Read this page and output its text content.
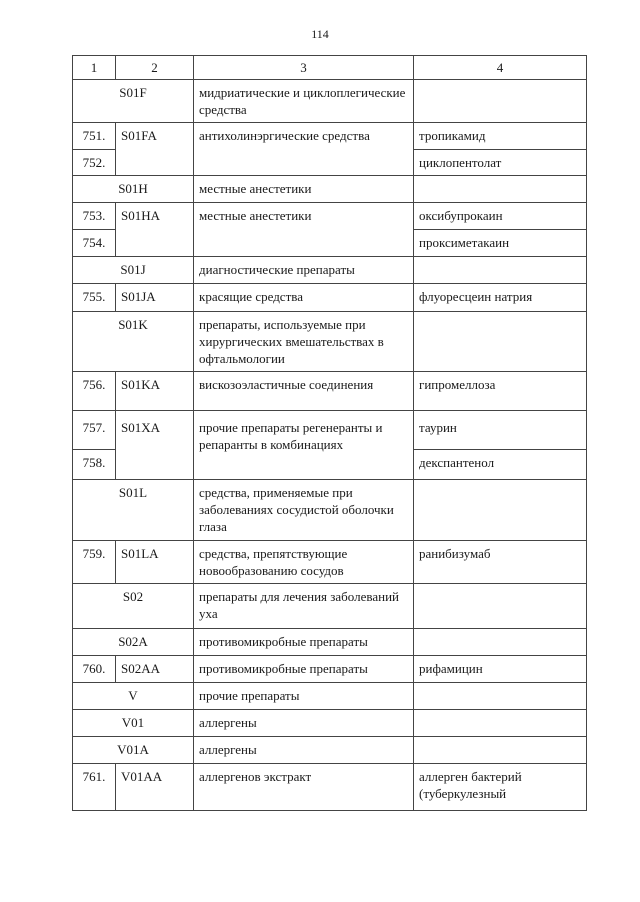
114
1	2	3	4
S01F		мидриатические и циклоплегические средства	
751.	S01FA	антихолинэргические средства	тропикамид
752.			циклопентолат
S01H		местные анестетики	
753.	S01HA	местные анестетики	оксибупрокаин
754.			проксиметакаин
S01J		диагностические препараты	
755.	S01JA	красящие средства	флуоресцеин натрия
S01K		препараты, используемые при хирургических вмешательствах в офтальмологии	
756.	S01KA	вискозоэластичные соединения	гипромеллоза
757.	S01XA	прочие препараты регенеранты и репаранты в комбинациях	таурин
758.			декспантенол
S01L		средства, применяемые при заболеваниях сосудистой оболочки глаза	
759.	S01LA	средства, препятствующие новообразованию сосудов	ранибизумаб
S02		препараты для лечения заболеваний уха	
S02A		противомикробные препараты	
760.	S02AA	противомикробные препараты	рифамицин
V		прочие препараты	
V01		аллергены	
V01A		аллергены	
761.	V01AA	аллергенов экстракт	аллерген бактерий (туберкулезный
